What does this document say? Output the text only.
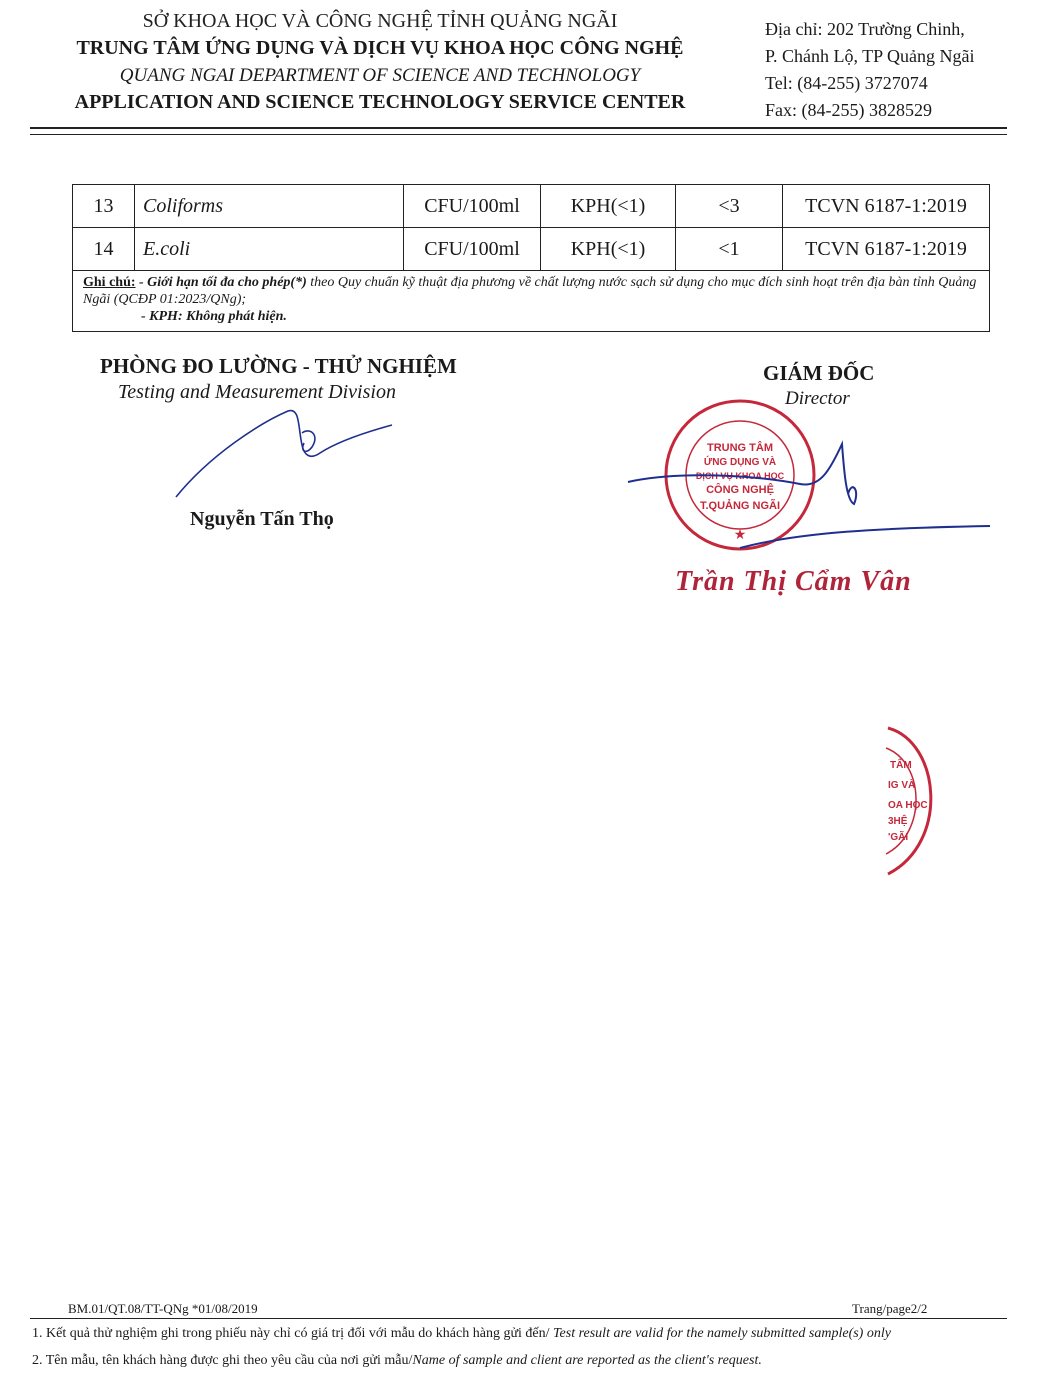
SỞ KHOA HỌC VÀ CÔNG NGHỆ TỈNH QUẢNG NGÃI
TRUNG TÂM ỨNG DỤNG VÀ DỊCH VỤ KHOA HỌC CÔNG NGHỆ
QUANG NGAI DEPARTMENT OF SCIENCE AND TECHNOLOGY
APPLICATION AND SCIENCE TECHNOLOGY SERVICE CENTER
Địa chỉ: 202 Trường Chinh,
P. Chánh Lộ, TP Quảng Ngãi
Tel: (84-255) 3727074
Fax: (84-255) 3828529
13	Coliforms	CFU/100ml	KPH(<1)	<3	TCVN 6187-1:2019
14	E.coli	CFU/100ml	KPH(<1)	<1	TCVN 6187-1:2019
Ghi chú: - Giới hạn tối đa cho phép(*) theo Quy chuẩn kỹ thuật địa phương về chất lượng nước sạch sử dụng cho mục đích sinh hoạt trên địa bàn tỉnh Quảng Ngãi (QCĐP 01:2023/QNg);
- KPH: Không phát hiện.					
PHÒNG ĐO LƯỜNG - THỬ NGHIỆM
Testing and Measurement Division
Nguyễn Tấn Thọ
GIÁM ĐỐC
Director
TRUNG TÂM
ỨNG DỤNG VÀ
DỊCH VỤ KHOA HỌC
CÔNG NGHỆ
T.QUẢNG NGÃI
★
Trần Thị Cẩm Vân
TÂM
IG VÀ
OA HỌC
3HỆ
'GÃI
BM.01/QT.08/TT-QNg *01/08/2019	Trang/page2/2
1. Kết quả thử nghiệm ghi trong phiếu này chỉ có giá trị đối với mẫu do khách hàng gửi đến/ Test result are valid for the namely submitted sample(s) only
2. Tên mẫu, tên khách hàng được ghi theo yêu cầu của nơi gửi mẫu/Name of sample and client are reported as the client's request.
